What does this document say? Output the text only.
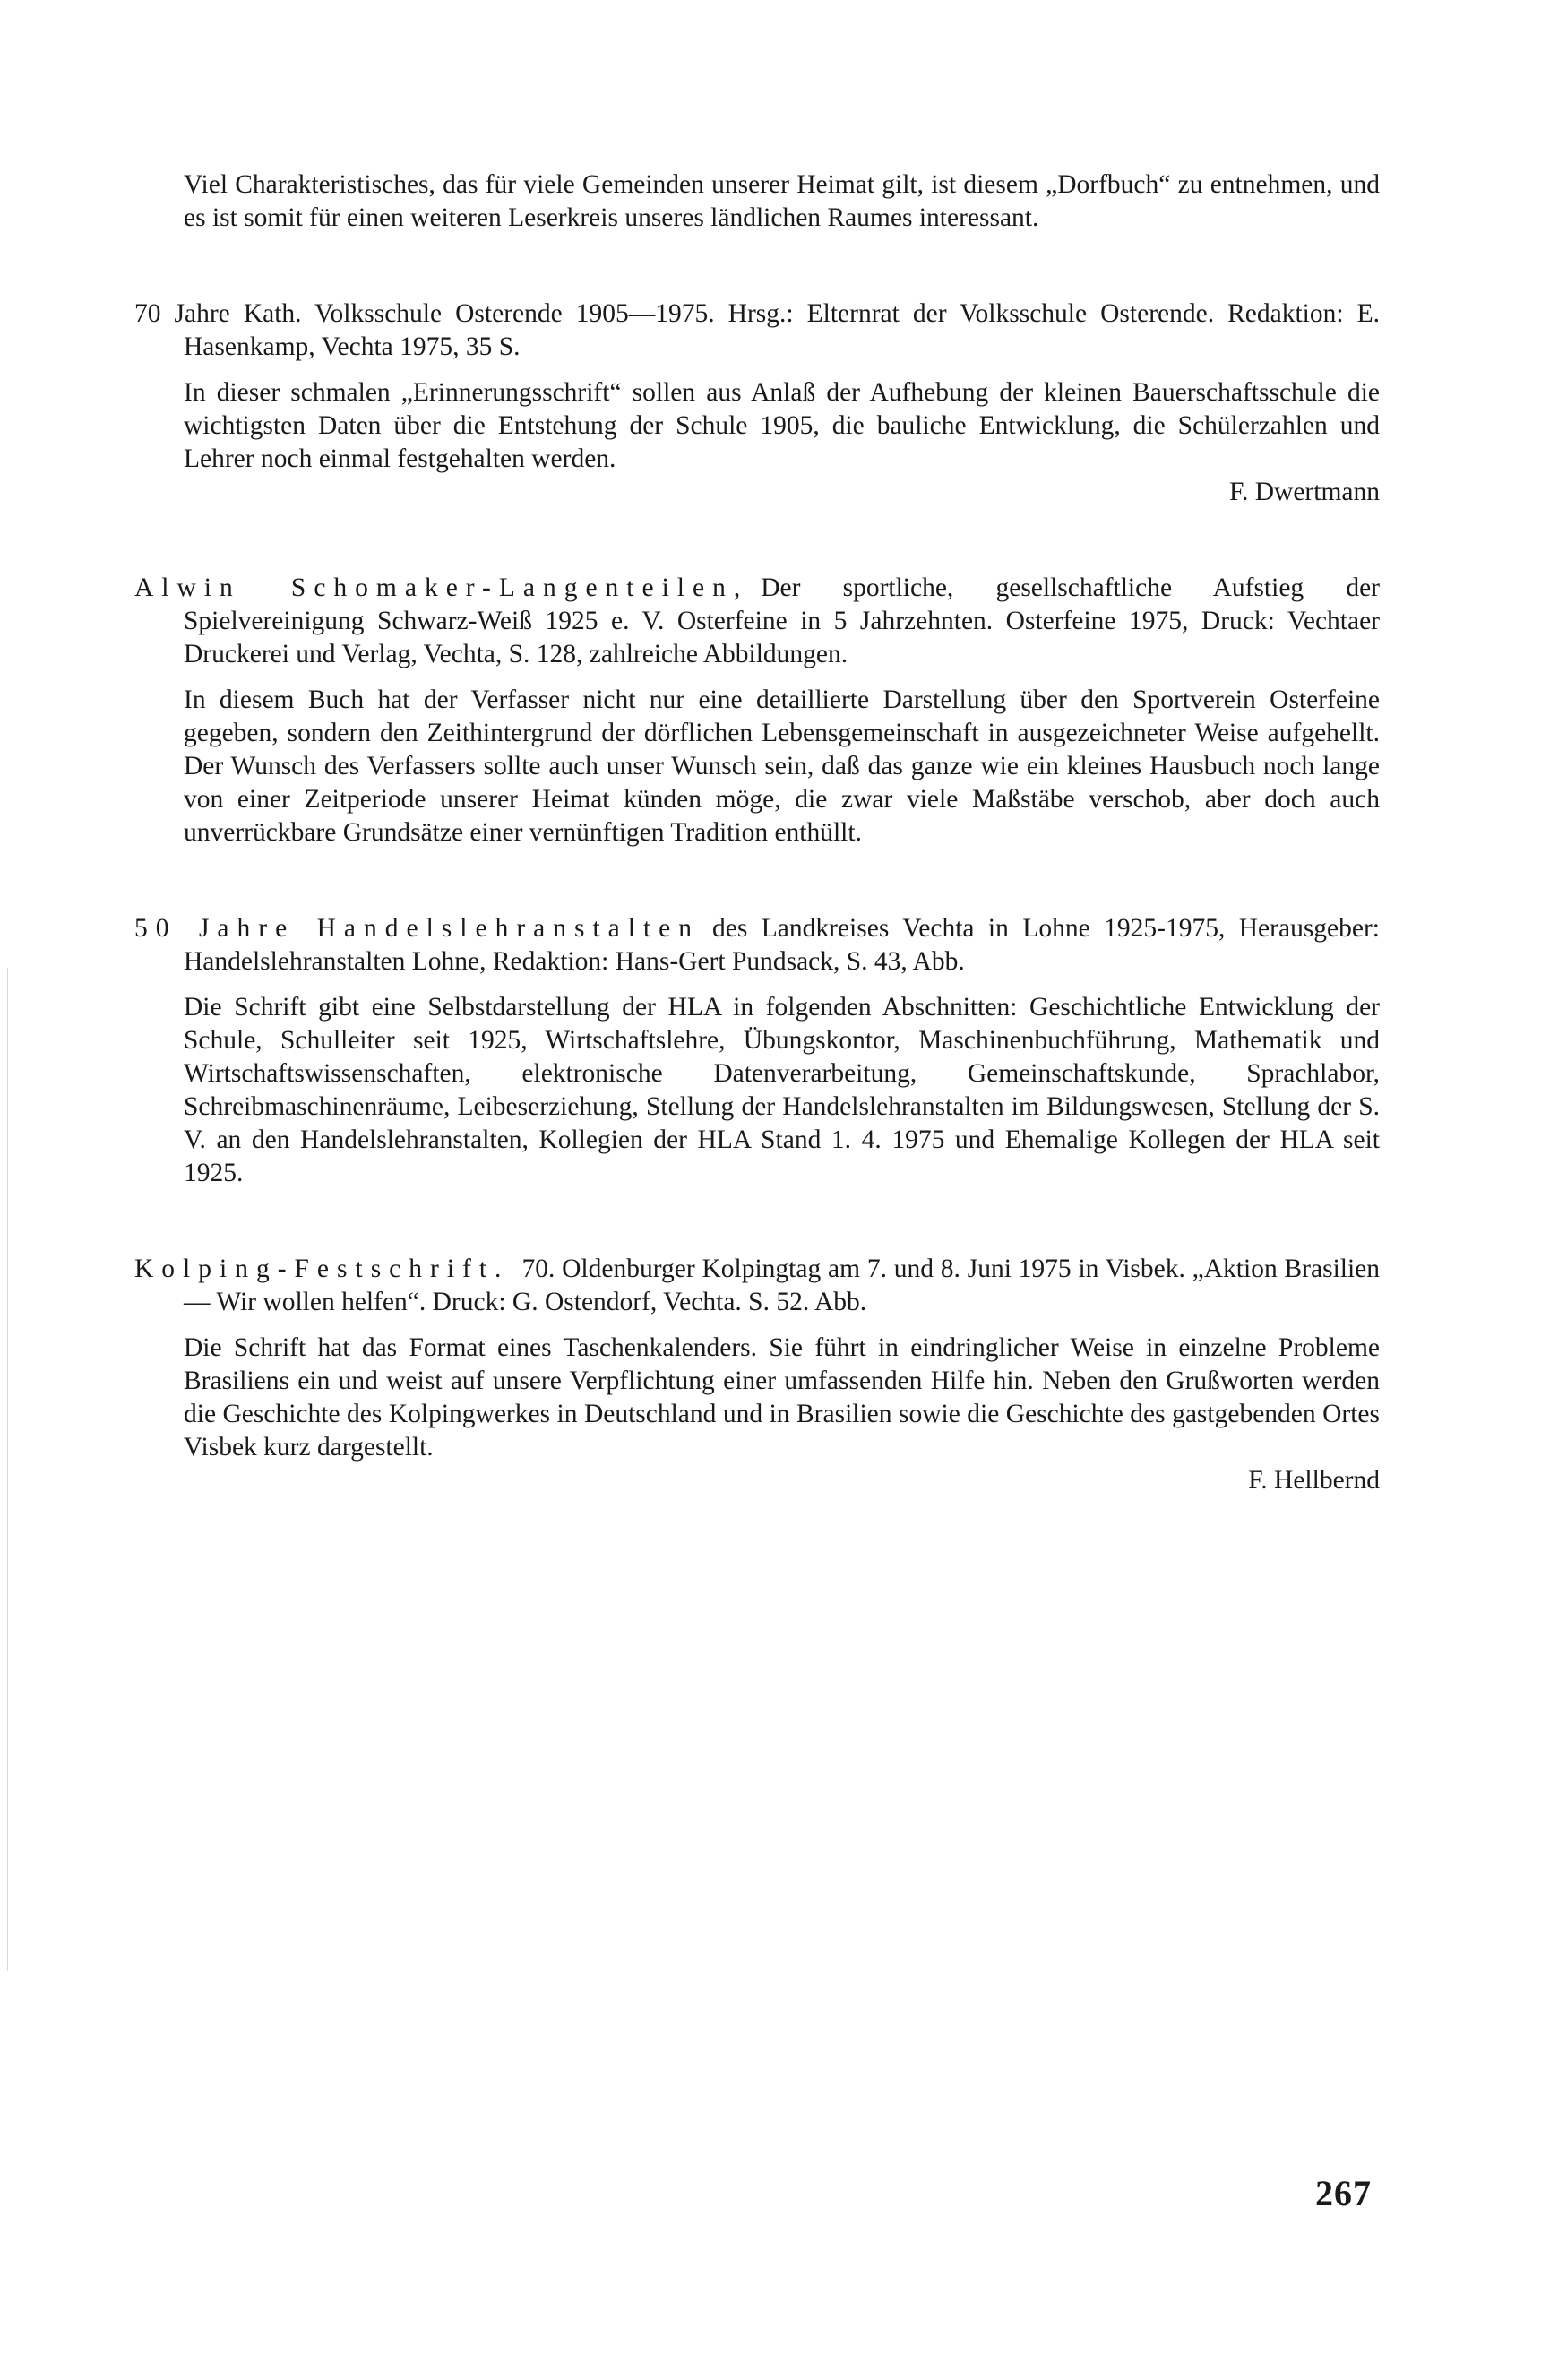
Viel Charakteristisches, das für viele Gemeinden unserer Heimat gilt, ist diesem „Dorfbuch“ zu entnehmen, und es ist somit für einen weiteren Leserkreis unseres ländlichen Raumes interessant.

70 Jahre Kath. Volksschule Osterende 1905—1975. Hrsg.: Elternrat der Volksschule Osterende. Redaktion: E. Hasenkamp, Vechta 1975, 35 S.

In dieser schmalen „Erinnerungsschrift“ sollen aus Anlaß der Aufhebung der kleinen Bauerschaftsschule die wichtigsten Daten über die Entstehung der Schule 1905, die bauliche Entwicklung, die Schülerzahlen und Lehrer noch einmal festgehalten werden.

F. Dwertmann

Alwin Schomaker-Langenteilen, Der sportliche, gesellschaftliche Aufstieg der Spielvereinigung Schwarz-Weiß 1925 e. V. Osterfeine in 5 Jahrzehnten. Osterfeine 1975, Druck: Vechtaer Druckerei und Verlag, Vechta, S. 128, zahlreiche Abbildungen.

In diesem Buch hat der Verfasser nicht nur eine detaillierte Darstellung über den Sportverein Osterfeine gegeben, sondern den Zeithintergrund der dörflichen Lebensgemeinschaft in ausgezeichneter Weise aufgehellt. Der Wunsch des Verfassers sollte auch unser Wunsch sein, daß das ganze wie ein kleines Hausbuch noch lange von einer Zeitperiode unserer Heimat künden möge, die zwar viele Maßstäbe verschob, aber doch auch unverrückbare Grundsätze einer vernünftigen Tradition enthüllt.

50 Jahre Handelslehranstalten des Landkreises Vechta in Lohne 1925-1975, Herausgeber: Handelslehranstalten Lohne, Redaktion: Hans-Gert Pundsack, S. 43, Abb.

Die Schrift gibt eine Selbstdarstellung der HLA in folgenden Abschnitten: Geschichtliche Entwicklung der Schule, Schulleiter seit 1925, Wirtschaftslehre, Übungskontor, Maschinenbuchführung, Mathematik und Wirtschaftswissenschaften, elektronische Datenverarbeitung, Gemeinschaftskunde, Sprachlabor, Schreibmaschinenräume, Leibeserziehung, Stellung der Handelslehranstalten im Bildungswesen, Stellung der S. V. an den Handelslehranstalten, Kollegien der HLA Stand 1. 4. 1975 und Ehemalige Kollegen der HLA seit 1925.

Kolping-Festschrift. 70. Oldenburger Kolpingtag am 7. und 8. Juni 1975 in Visbek. „Aktion Brasilien — Wir wollen helfen“. Druck: G. Ostendorf, Vechta. S. 52. Abb.

Die Schrift hat das Format eines Taschenkalenders. Sie führt in eindringlicher Weise in einzelne Probleme Brasiliens ein und weist auf unsere Verpflichtung einer umfassenden Hilfe hin. Neben den Grußworten werden die Geschichte des Kolpingwerkes in Deutschland und in Brasilien sowie die Geschichte des gastgebenden Ortes Visbek kurz dargestellt.

F. Hellbernd

267
